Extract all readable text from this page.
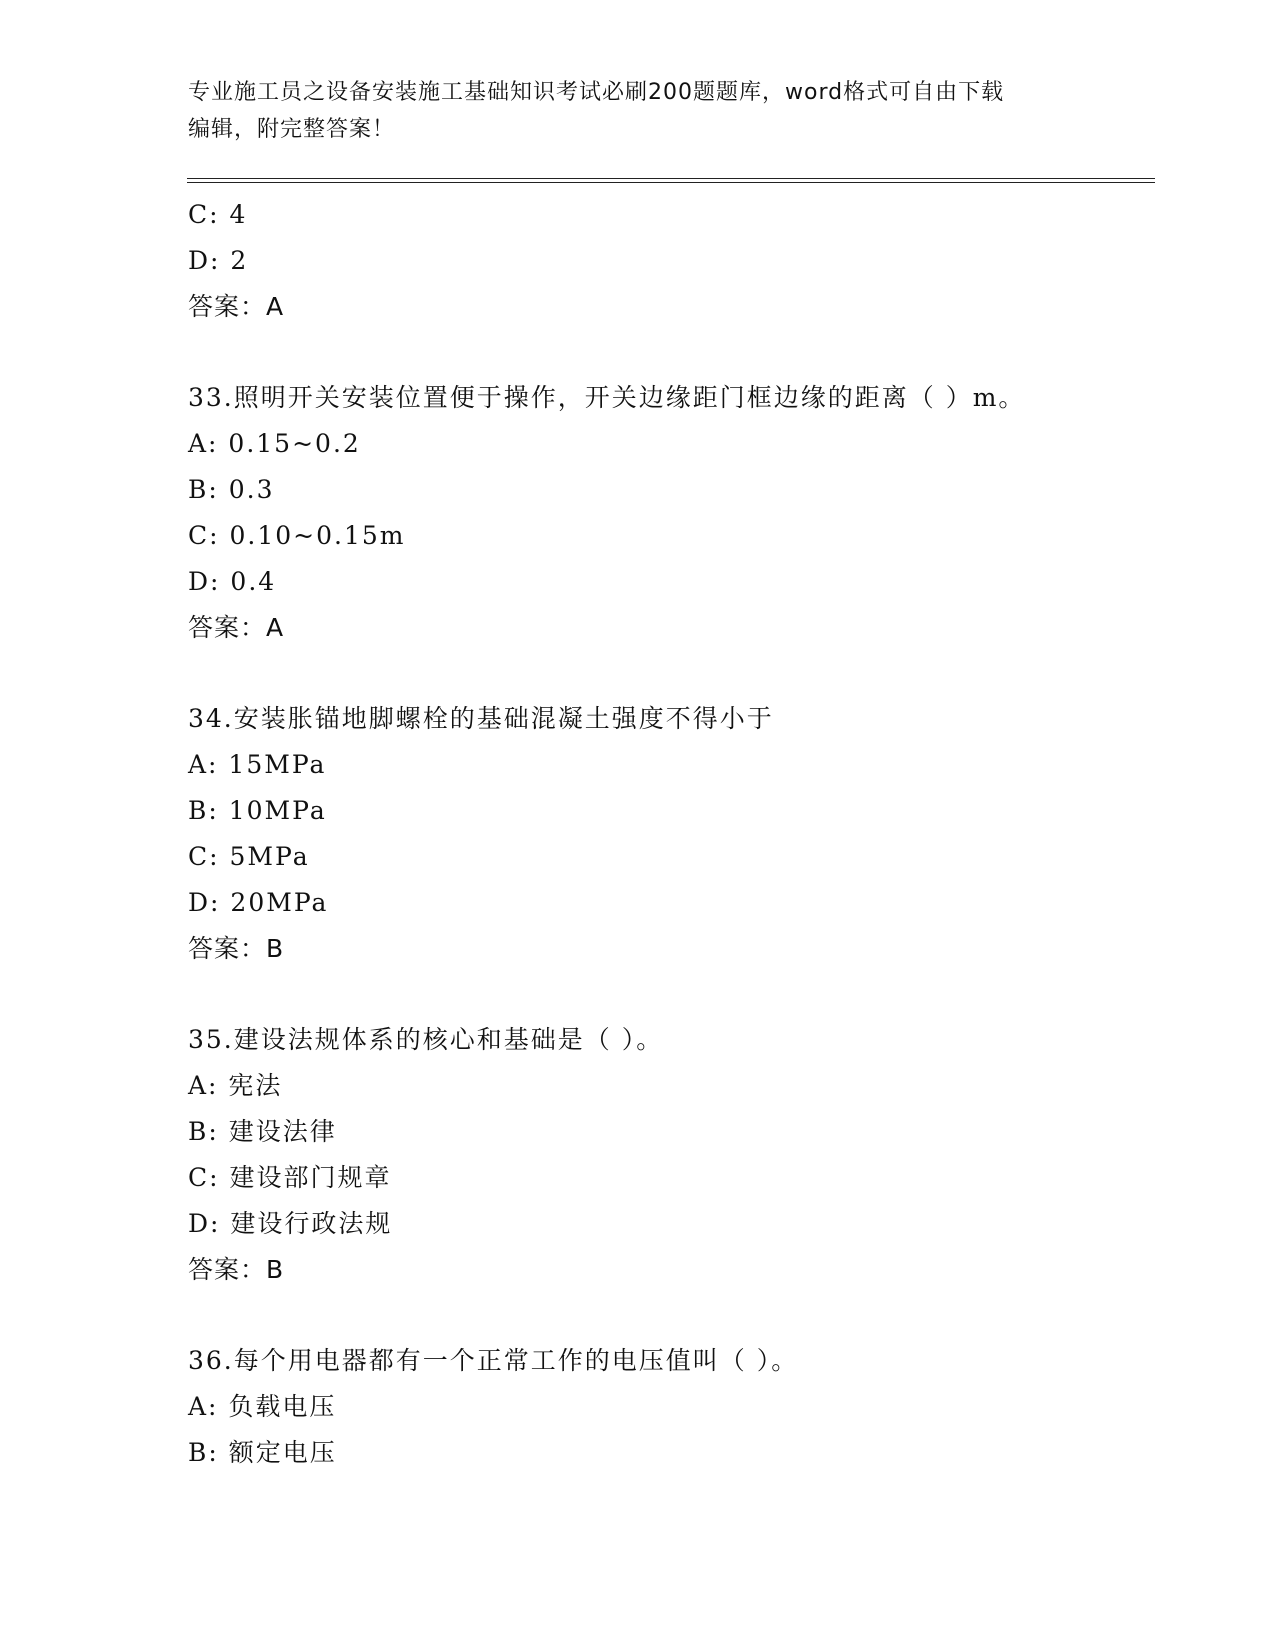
专业施工员之设备安装施工基础知识考试必刷200题题库，word格式可自由下载
编辑，附完整答案！
C: 4
D: 2
答案：A
33.照明开关安装位置便于操作，开关边缘距门框边缘的距离（ ）m。
A: 0.15~0.2
B: 0.3
C: 0.10~0.15m
D: 0.4
答案：A
34.安装胀锚地脚螺栓的基础混凝土强度不得小于
A: 15MPa
B: 10MPa
C: 5MPa
D: 20MPa
答案：B
35.建设法规体系的核心和基础是（ ）。
A: 宪法
B: 建设法律
C: 建设部门规章
D: 建设行政法规
答案：B
36.每个用电器都有一个正常工作的电压值叫（ ）。
A: 负载电压
B: 额定电压
